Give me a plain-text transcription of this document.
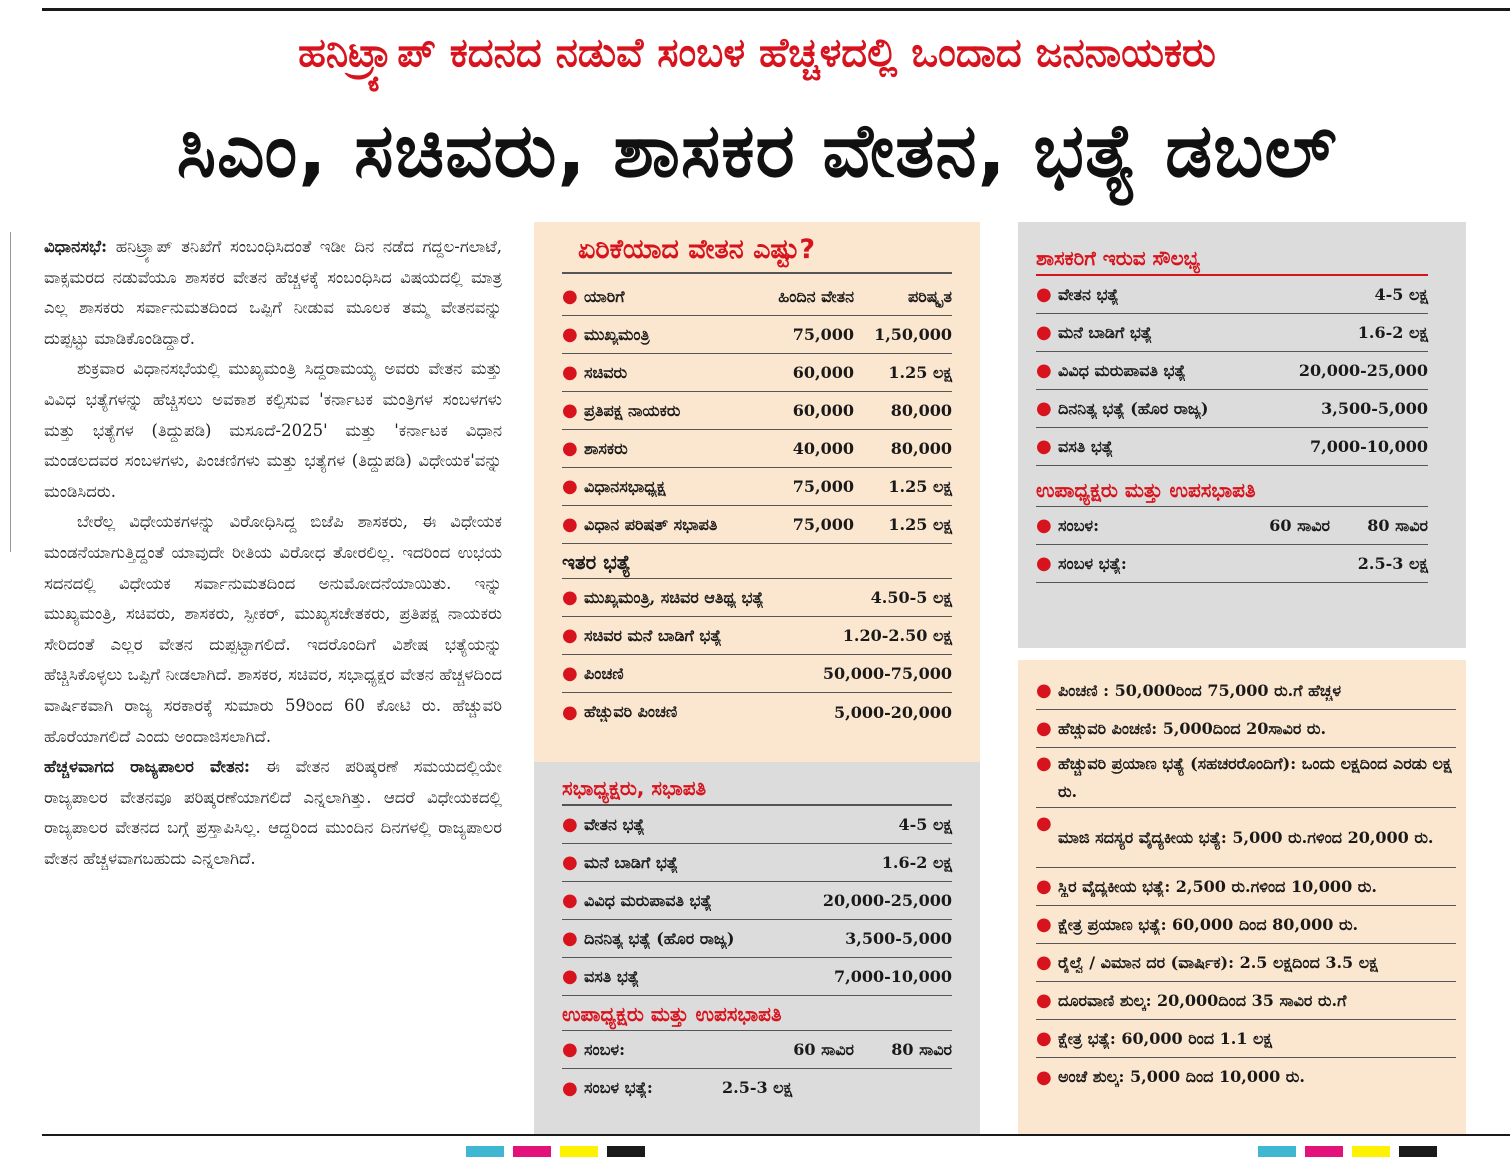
ಹನಿಟ್ರ್ಯಾಪ್ ಕದನದ ನಡುವೆ ಸಂಬಳ ಹೆಚ್ಚಳದಲ್ಲಿ ಒಂದಾದ ಜನನಾಯಕರು
ಸಿಎಂ, ಸಚಿವರು, ಶಾಸಕರ ವೇತನ, ಭತ್ಯೆ ಡಬಲ್

ವಿಧಾನಸಭೆ: ಹನಿಟ್ರ್ಯಾಪ್ ತನಿಖೆಗೆ ಸಂಬಂಧಿಸಿದಂತೆ ಇಡೀ ದಿನ ನಡೆದ ಗದ್ದಲ-ಗಲಾಟೆ, ವಾಕ್ಸಮರದ ನಡುವೆಯೂ ಶಾಸಕರ ವೇತನ ಹೆಚ್ಚಳಕ್ಕೆ ಸಂಬಂಧಿಸಿದ ವಿಷಯದಲ್ಲಿ ಮಾತ್ರ ಎಲ್ಲ ಶಾಸಕರು ಸರ್ವಾನುಮತದಿಂದ ಒಪ್ಪಿಗೆ ನೀಡುವ ಮೂಲಕ ತಮ್ಮ ವೇತನವನ್ನು ದುಪ್ಪಟ್ಟು ಮಾಡಿಕೊಂಡಿದ್ದಾರೆ.

ಶುಕ್ರವಾರ ವಿಧಾನಸಭೆಯಲ್ಲಿ ಮುಖ್ಯಮಂತ್ರಿ ಸಿದ್ದರಾಮಯ್ಯ ಅವರು ವೇತನ ಮತ್ತು ವಿವಿಧ ಭತ್ಯೆಗಳನ್ನು ಹೆಚ್ಚಿಸಲು ಅವಕಾಶ ಕಲ್ಪಿಸುವ 'ಕರ್ನಾಟಕ ಮಂತ್ರಿಗಳ ಸಂಬಳಗಳು ಮತ್ತು ಭತ್ಯೆಗಳ (ತಿದ್ದುಪಡಿ) ಮಸೂದೆ-2025' ಮತ್ತು 'ಕರ್ನಾಟಕ ವಿಧಾನ ಮಂಡಲದವರ ಸಂಬಳಗಳು, ಪಿಂಚಣಿಗಳು ಮತ್ತು ಭತ್ಯೆಗಳ (ತಿದ್ದುಪಡಿ) ವಿಧೇಯಕ'ವನ್ನು ಮಂಡಿಸಿದರು.

ಬೇರೆಲ್ಲ ವಿಧೇಯಕಗಳನ್ನು ವಿರೋಧಿಸಿದ್ದ ಬಿಜೆಪಿ ಶಾಸಕರು, ಈ ವಿಧೇಯಕ ಮಂಡನೆಯಾಗುತ್ತಿದ್ದಂತೆ ಯಾವುದೇ ರೀತಿಯ ವಿರೋಧ ತೋರಲಿಲ್ಲ. ಇದರಿಂದ ಉಭಯ ಸದನದಲ್ಲಿ ವಿಧೇಯಕ ಸರ್ವಾನುಮತದಿಂದ ಅನುಮೋದನೆಯಾಯಿತು. ಇನ್ನು ಮುಖ್ಯಮಂತ್ರಿ, ಸಚಿವರು, ಶಾಸಕರು, ಸ್ಪೀಕರ್, ಮುಖ್ಯಸಚೇತಕರು, ಪ್ರತಿಪಕ್ಷ ನಾಯಕರು ಸೇರಿದಂತೆ ಎಲ್ಲರ ವೇತನ ದುಪ್ಪಟ್ಟಾಗಲಿದೆ. ಇದರೊಂದಿಗೆ ವಿಶೇಷ ಭತ್ಯೆಯನ್ನು ಹೆಚ್ಚಿಸಿಕೊಳ್ಳಲು ಒಪ್ಪಿಗೆ ನೀಡಲಾಗಿದೆ. ಶಾಸಕರ, ಸಚಿವರ, ಸಭಾಧ್ಯಕ್ಷರ ವೇತನ ಹೆಚ್ಚಳದಿಂದ ವಾರ್ಷಿಕವಾಗಿ ರಾಜ್ಯ ಸರಕಾರಕ್ಕೆ ಸುಮಾರು 59ರಿಂದ 60 ಕೋಟಿ ರು. ಹೆಚ್ಚುವರಿ ಹೊರೆಯಾಗಲಿದೆ ಎಂದು ಅಂದಾಜಿಸಲಾಗಿದೆ.

ಹೆಚ್ಚಳವಾಗದ ರಾಜ್ಯಪಾಲರ ವೇತನ: ಈ ವೇತನ ಪರಿಷ್ಕರಣೆ ಸಮಯದಲ್ಲಿಯೇ ರಾಜ್ಯಪಾಲರ ವೇತನವೂ ಪರಿಷ್ಕರಣೆಯಾಗಲಿದೆ ಎನ್ನಲಾಗಿತ್ತು. ಆದರೆ ವಿಧೇಯಕದಲ್ಲಿ ರಾಜ್ಯಪಾಲರ ವೇತನದ ಬಗ್ಗೆ ಪ್ರಸ್ತಾಪಿಸಿಲ್ಲ. ಆದ್ದರಿಂದ ಮುಂದಿನ ದಿನಗಳಲ್ಲಿ ರಾಜ್ಯಪಾಲರ ವೇತನ ಹೆಚ್ಚಳವಾಗಬಹುದು ಎನ್ನಲಾಗಿದೆ.

ಏರಿಕೆಯಾದ ವೇತನ ಎಷ್ಟು?
● ಯಾರಿಗೆ	ಹಿಂದಿನ ವೇತನ	ಪರಿಷ್ಕೃತ
● ಮುಖ್ಯಮಂತ್ರಿ	75,000	1,50,000
● ಸಚಿವರು	60,000	1.25 ಲಕ್ಷ
● ಪ್ರತಿಪಕ್ಷ ನಾಯಕರು	60,000	80,000
● ಶಾಸಕರು	40,000	80,000
● ವಿಧಾನಸಭಾಧ್ಯಕ್ಷ	75,000	1.25 ಲಕ್ಷ
● ವಿಧಾನ ಪರಿಷತ್ ಸಭಾಪತಿ	75,000	1.25 ಲಕ್ಷ
ಇತರ ಭತ್ಯೆ
● ಮುಖ್ಯಮಂತ್ರಿ, ಸಚಿವರ ಆತಿಥ್ಯ ಭತ್ಯೆ	4.50-5 ಲಕ್ಷ
● ಸಚಿವರ ಮನೆ ಬಾಡಿಗೆ ಭತ್ಯೆ	1.20-2.50 ಲಕ್ಷ
● ಪಿಂಚಣಿ	50,000-75,000
● ಹೆಚ್ಚುವರಿ ಪಿಂಚಣಿ	5,000-20,000
ಸಭಾಧ್ಯಕ್ಷರು, ಸಭಾಪತಿ
● ವೇತನ ಭತ್ಯೆ	4-5 ಲಕ್ಷ
● ಮನೆ ಬಾಡಿಗೆ ಭತ್ಯೆ	1.6-2 ಲಕ್ಷ
● ವಿವಿಧ ಮರುಪಾವತಿ ಭತ್ಯೆ	20,000-25,000
● ದಿನನಿತ್ಯ ಭತ್ಯೆ (ಹೊರ ರಾಜ್ಯ)	3,500-5,000
● ವಸತಿ ಭತ್ಯೆ	7,000-10,000
ಉಪಾಧ್ಯಕ್ಷರು ಮತ್ತು ಉಪಸಭಾಪತಿ
● ಸಂಬಳ:	60 ಸಾವಿರ	80 ಸಾವಿರ
● ಸಂಬಳ ಭತ್ಯೆ:	2.5-3 ಲಕ್ಷ
ಶಾಸಕರಿಗೆ ಇರುವ ಸೌಲಭ್ಯ
● ವೇತನ ಭತ್ಯೆ	4-5 ಲಕ್ಷ
● ಮನೆ ಬಾಡಿಗೆ ಭತ್ಯೆ	1.6-2 ಲಕ್ಷ
● ವಿವಿಧ ಮರುಪಾವತಿ ಭತ್ಯೆ	20,000-25,000
● ದಿನನಿತ್ಯ ಭತ್ಯೆ (ಹೊರ ರಾಜ್ಯ)	3,500-5,000
● ವಸತಿ ಭತ್ಯೆ	7,000-10,000
ಉಪಾಧ್ಯಕ್ಷರು ಮತ್ತು ಉಪಸಭಾಪತಿ
● ಸಂಬಳ:	60 ಸಾವಿರ	80 ಸಾವಿರ
● ಸಂಬಳ ಭತ್ಯೆ:	2.5-3 ಲಕ್ಷ
● ಪಿಂಚಣಿ : 50,000ರಿಂದ 75,000 ರು.ಗೆ ಹೆಚ್ಚಳ
● ಹೆಚ್ಚುವರಿ ಪಿಂಚಣಿ: 5,000ದಿಂದ 20ಸಾವಿರ ರು.
● ಹೆಚ್ಚುವರಿ ಪ್ರಯಾಣ ಭತ್ಯೆ (ಸಹಚರರೊಂದಿಗೆ): ಒಂದು ಲಕ್ಷದಿಂದ ಎರಡು ಲಕ್ಷ ರು.
●
ಮಾಜಿ ಸದಸ್ಯರ ವೈದ್ಯಕೀಯ ಭತ್ಯೆ: 5,000 ರು.ಗಳಿಂದ 20,000 ರು.
● ಸ್ಥಿರ ವೈದ್ಯಕೀಯ ಭತ್ಯೆ: 2,500 ರು.ಗಳಿಂದ 10,000 ರು.
● ಕ್ಷೇತ್ರ ಪ್ರಯಾಣ ಭತ್ಯೆ: 60,000 ದಿಂದ 80,000 ರು.
● ರೈಲ್ವೆ / ವಿಮಾನ ದರ (ವಾರ್ಷಿಕ): 2.5 ಲಕ್ಷದಿಂದ 3.5 ಲಕ್ಷ
● ದೂರವಾಣಿ ಶುಲ್ಕ: 20,000ದಿಂದ 35 ಸಾವಿರ ರು.ಗೆ
● ಕ್ಷೇತ್ರ ಭತ್ಯೆ: 60,000 ರಿಂದ 1.1 ಲಕ್ಷ
● ಅಂಚೆ ಶುಲ್ಕ: 5,000 ದಿಂದ 10,000 ರು.
